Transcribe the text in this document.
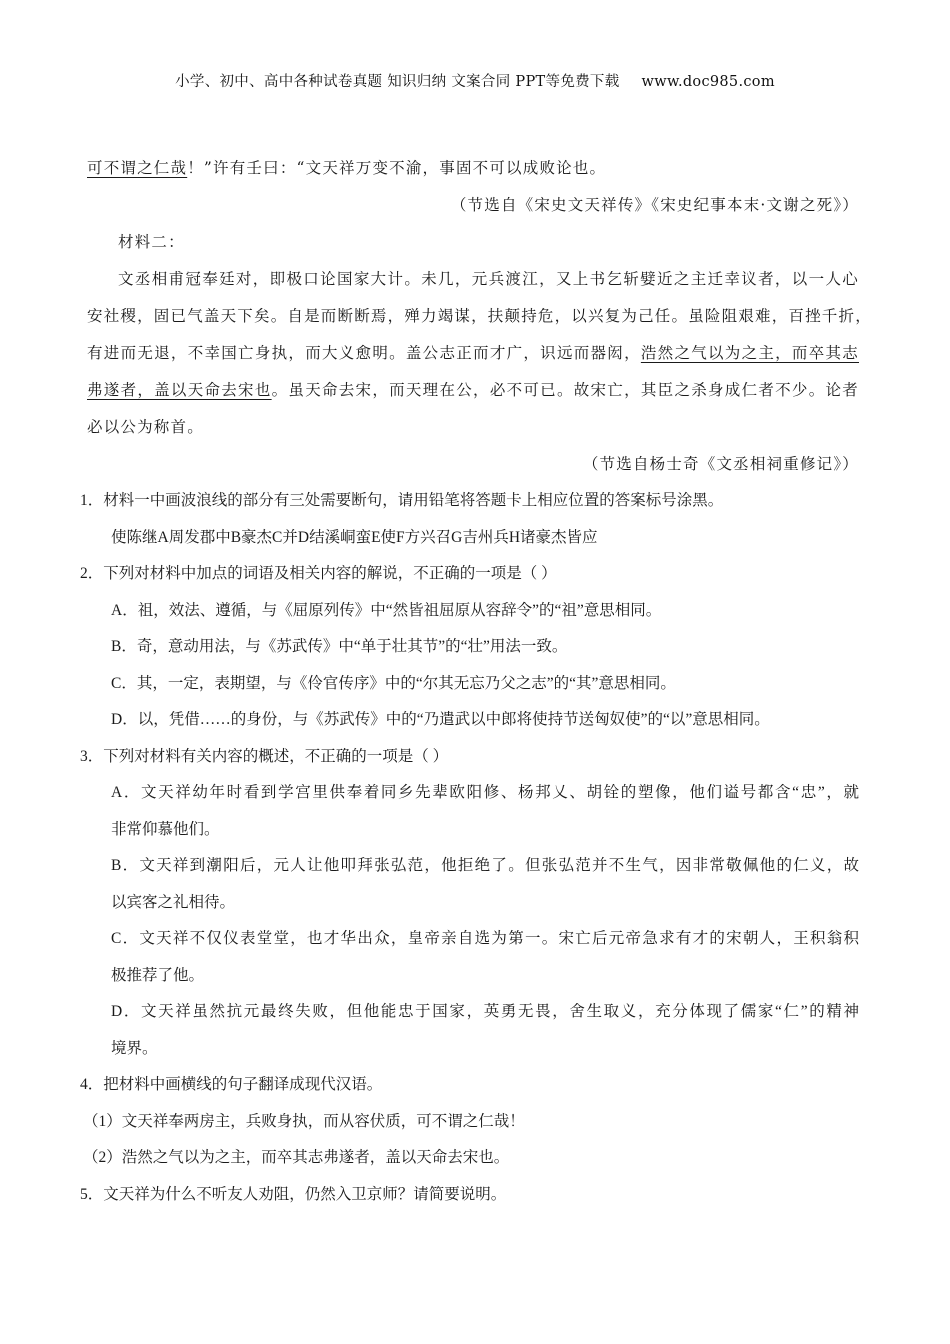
小学、初中、高中各种试卷真题 知识归纳 文案合同 PPT等免费下载 www.doc985.com
可不谓之仁哉！”许有壬曰：“文天祥万变不渝，事固不可以成败论也。
（节选自《宋史文天祥传》《宋史纪事本末·文谢之死》）
材料二：
文丞相甫冠奉廷对，即极口论国家大计。未几，元兵渡江，又上书乞斩嬖近之主迁幸议者，以一人心
安社稷，固已气盖天下矣。自是而断断焉，殚力竭谋，扶颠持危，以兴复为己任。虽险阻艰难，百挫千折，
有进而无退，不幸国亡身执，而大义愈明。盖公志正而才广，识远而器闳，浩然之气以为之主，而卒其志
弗遂者，盖以天命去宋也。虽天命去宋，而天理在公，必不可已。故宋亡，其臣之杀身成仁者不少。论者
必以公为称首。
（节选自杨士奇《文丞相祠重修记》）
1．材料一中画波浪线的部分有三处需要断句，请用铅笔将答题卡上相应位置的答案标号涂黑。
使陈继A周发郡中B豪杰C并D结溪峒蛮E使F方兴召G吉州兵H诸豪杰皆应
2．下列对材料中加点的词语及相关内容的解说，不正确的一项是（ ）
A．祖，效法、遵循，与《屈原列传》中“然皆祖屈原从容辞令”的“祖”意思相同。
B．奇，意动用法，与《苏武传》中“单于壮其节”的“壮”用法一致。
C．其，一定，表期望，与《伶官传序》中的“尔其无忘乃父之志”的“其”意思相同。
D．以，凭借……的身份，与《苏武传》中的“乃遣武以中郎将使持节送匈奴使”的“以”意思相同。
3．下列对材料有关内容的概述，不正确的一项是（ ）
A．文天祥幼年时看到学宫里供奉着同乡先辈欧阳修、杨邦乂、胡铨的塑像，他们谥号都含“忠”，就
非常仰慕他们。
B．文天祥到潮阳后，元人让他叩拜张弘范，他拒绝了。但张弘范并不生气，因非常敬佩他的仁义，故
以宾客之礼相待。
C．文天祥不仅仪表堂堂，也才华出众，皇帝亲自选为第一。宋亡后元帝急求有才的宋朝人，王积翁积
极推荐了他。
D．文天祥虽然抗元最终失败，但他能忠于国家，英勇无畏，舍生取义，充分体现了儒家“仁”的精神
境界。
4．把材料中画横线的句子翻译成现代汉语。
（1）文天祥奉两房主，兵败身执，而从容伏质，可不谓之仁哉！
（2）浩然之气以为之主，而卒其志弗遂者，盖以天命去宋也。
5．文天祥为什么不听友人劝阻，仍然入卫京师？请简要说明。
